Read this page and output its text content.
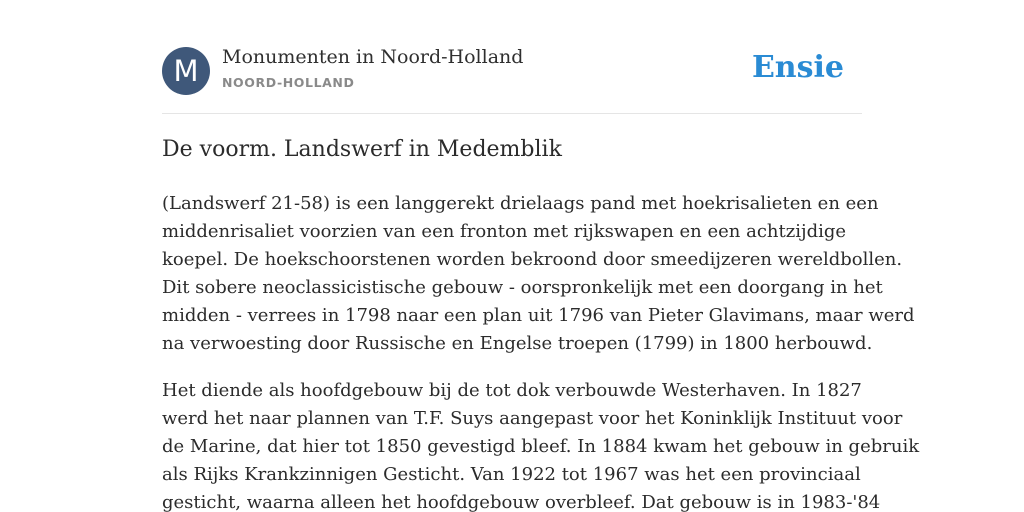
M	Monumenten in Noord-Holland
NOORD-HOLLAND	Ensie
De voorm. Landswerf in Medemblik

(Landswerf 21-58) is een langgerekt drielaags pand met hoekrisalieten en een
middenrisaliet voorzien van een fronton met rijkswapen en een achtzijdige
koepel. De hoekschoorstenen worden bekroond door smeedijzeren wereldbollen.
Dit sobere neoclassicistische gebouw - oorspronkelijk met een doorgang in het
midden - verrees in 1798 naar een plan uit 1796 van Pieter Glavimans, maar werd
na verwoesting door Russische en Engelse troepen (1799) in 1800 herbouwd.

Het diende als hoofdgebouw bij de tot dok verbouwde Westerhaven. In 1827
werd het naar plannen van T.F. Suys aangepast voor het Koninklijk Instituut voor
de Marine, dat hier tot 1850 gevestigd bleef. In 1884 kwam het gebouw in gebruik
als Rijks Krankzinnigen Gesticht. Van 1922 tot 1967 was het een provinciaal
gesticht, waarna alleen het hoofdgebouw overbleef. Dat gebouw is in 1983-'84
